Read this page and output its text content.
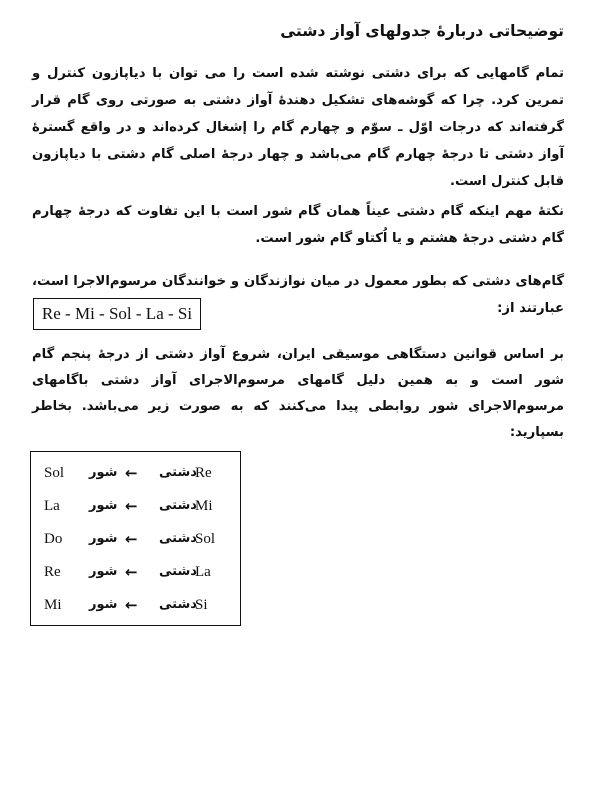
توضیحاتی دربارهٔ جدولهای آواز دشتی
تمام گامهایی که برای دشتی نوشته شده است را می توان با دیاپازون کنترل و تمرین کرد. چرا که گوشه‌های تشکیل دهندهٔ آواز دشتی به صورتی روی گام قرار گرفته‌اند که درجات اوّل ـ سوّم و چهارم گام را إشغال کرده‌اند و در واقع گسترهٔ آواز دشتی تا درجهٔ چهارم گام می‌باشد و چهار درجهٔ اصلی گام دشتی با دیاپازون قابل کنترل است.
نکتهٔ مهم اینکه گام دشتی عیناً همان گام شور است با این تفاوت که درجهٔ چهارم گام دشتی درجهٔ هشتم و یا اُکتاو گام شور است.
گام‌های دشتی که بطور معمول در میان نوازندگان و خوانندگان مرسوم‌الاجرا است، عبارتند از:
Re - Mi - Sol - La - Si
بر اساس قوانین دستگاهی موسیقی ایران، شروع آواز دشتی از درجهٔ پنجم گام شور است و به همین دلیل گامهای مرسوم‌الاجرای آواز دشتی باگامهای مرسوم‌الاجرای شور روابطی پیدا می‌کنند که به صورت زیر می‌باشد. بخاطر بسپارید:
Sol شور ← دشتی
Re
La شور ← دشتی
Mi
Do شور ← دشتی
Sol
Re شور ← دشتی
La
Mi شور ← دشتی
Si
